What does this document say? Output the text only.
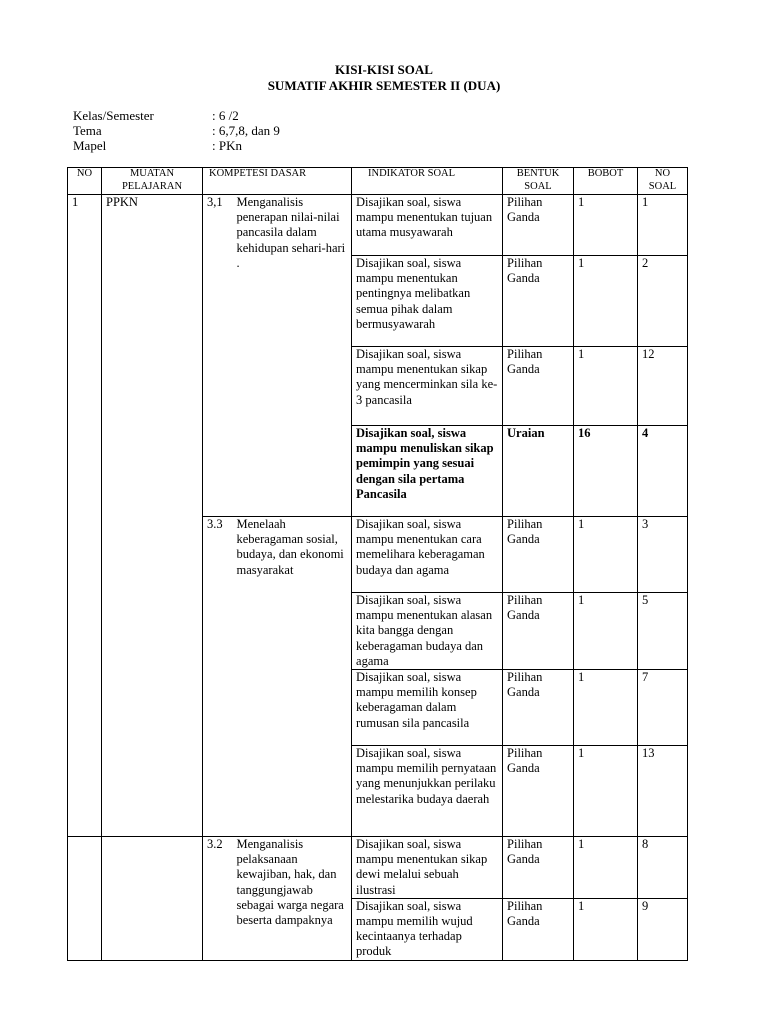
KISI-KISI SOAL
SUMATIF AKHIR SEMESTER II (DUA)
Kelas/Semester	: 6 /2
Tema	: 6,7,8, dan 9
Mapel	: PKn
NO	MUATAN PELAJARAN	KOMPETESI DASAR		INDIKATOR SOAL	BENTUK SOAL	BOBOT	NO SOAL
1	PPKN	3,1	Menganalisis penerapan nilai-nilai pancasila dalam kehidupan sehari-hari .	Disajikan soal, siswa mampu menentukan tujuan utama musyawarah	Pilihan Ganda	1	1
				Disajikan soal, siswa mampu menentukan pentingnya melibatkan semua pihak dalam bermusyawarah	Pilihan Ganda	1	2
				Disajikan soal, siswa mampu menentukan sikap yang mencerminkan sila ke-3 pancasila	Pilihan Ganda	1	12
				Disajikan soal, siswa mampu menuliskan sikap pemimpin yang sesuai dengan sila pertama Pancasila	Uraian	16	4
		3.3	Menelaah keberagaman sosial, budaya, dan ekonomi masyarakat	Disajikan soal, siswa mampu menentukan cara memelihara keberagaman budaya dan agama	Pilihan Ganda	1	3
				Disajikan soal, siswa mampu menentukan alasan kita bangga dengan keberagaman budaya dan agama	Pilihan Ganda	1	5
				Disajikan soal, siswa mampu memilih konsep keberagaman dalam rumusan sila pancasila	Pilihan Ganda	1	7
				Disajikan soal, siswa mampu memilih pernyataan yang menunjukkan perilaku melestarika budaya daerah	Pilihan Ganda	1	13
		3.2	Menganalisis pelaksanaan kewajiban, hak, dan tanggungjawab sebagai warga negara beserta dampaknya	Disajikan soal, siswa mampu menentukan sikap dewi melalui sebuah ilustrasi	Pilihan Ganda	1	8
				Disajikan soal, siswa mampu memilih wujud kecintaanya terhadap produk	Pilihan Ganda	1	9
